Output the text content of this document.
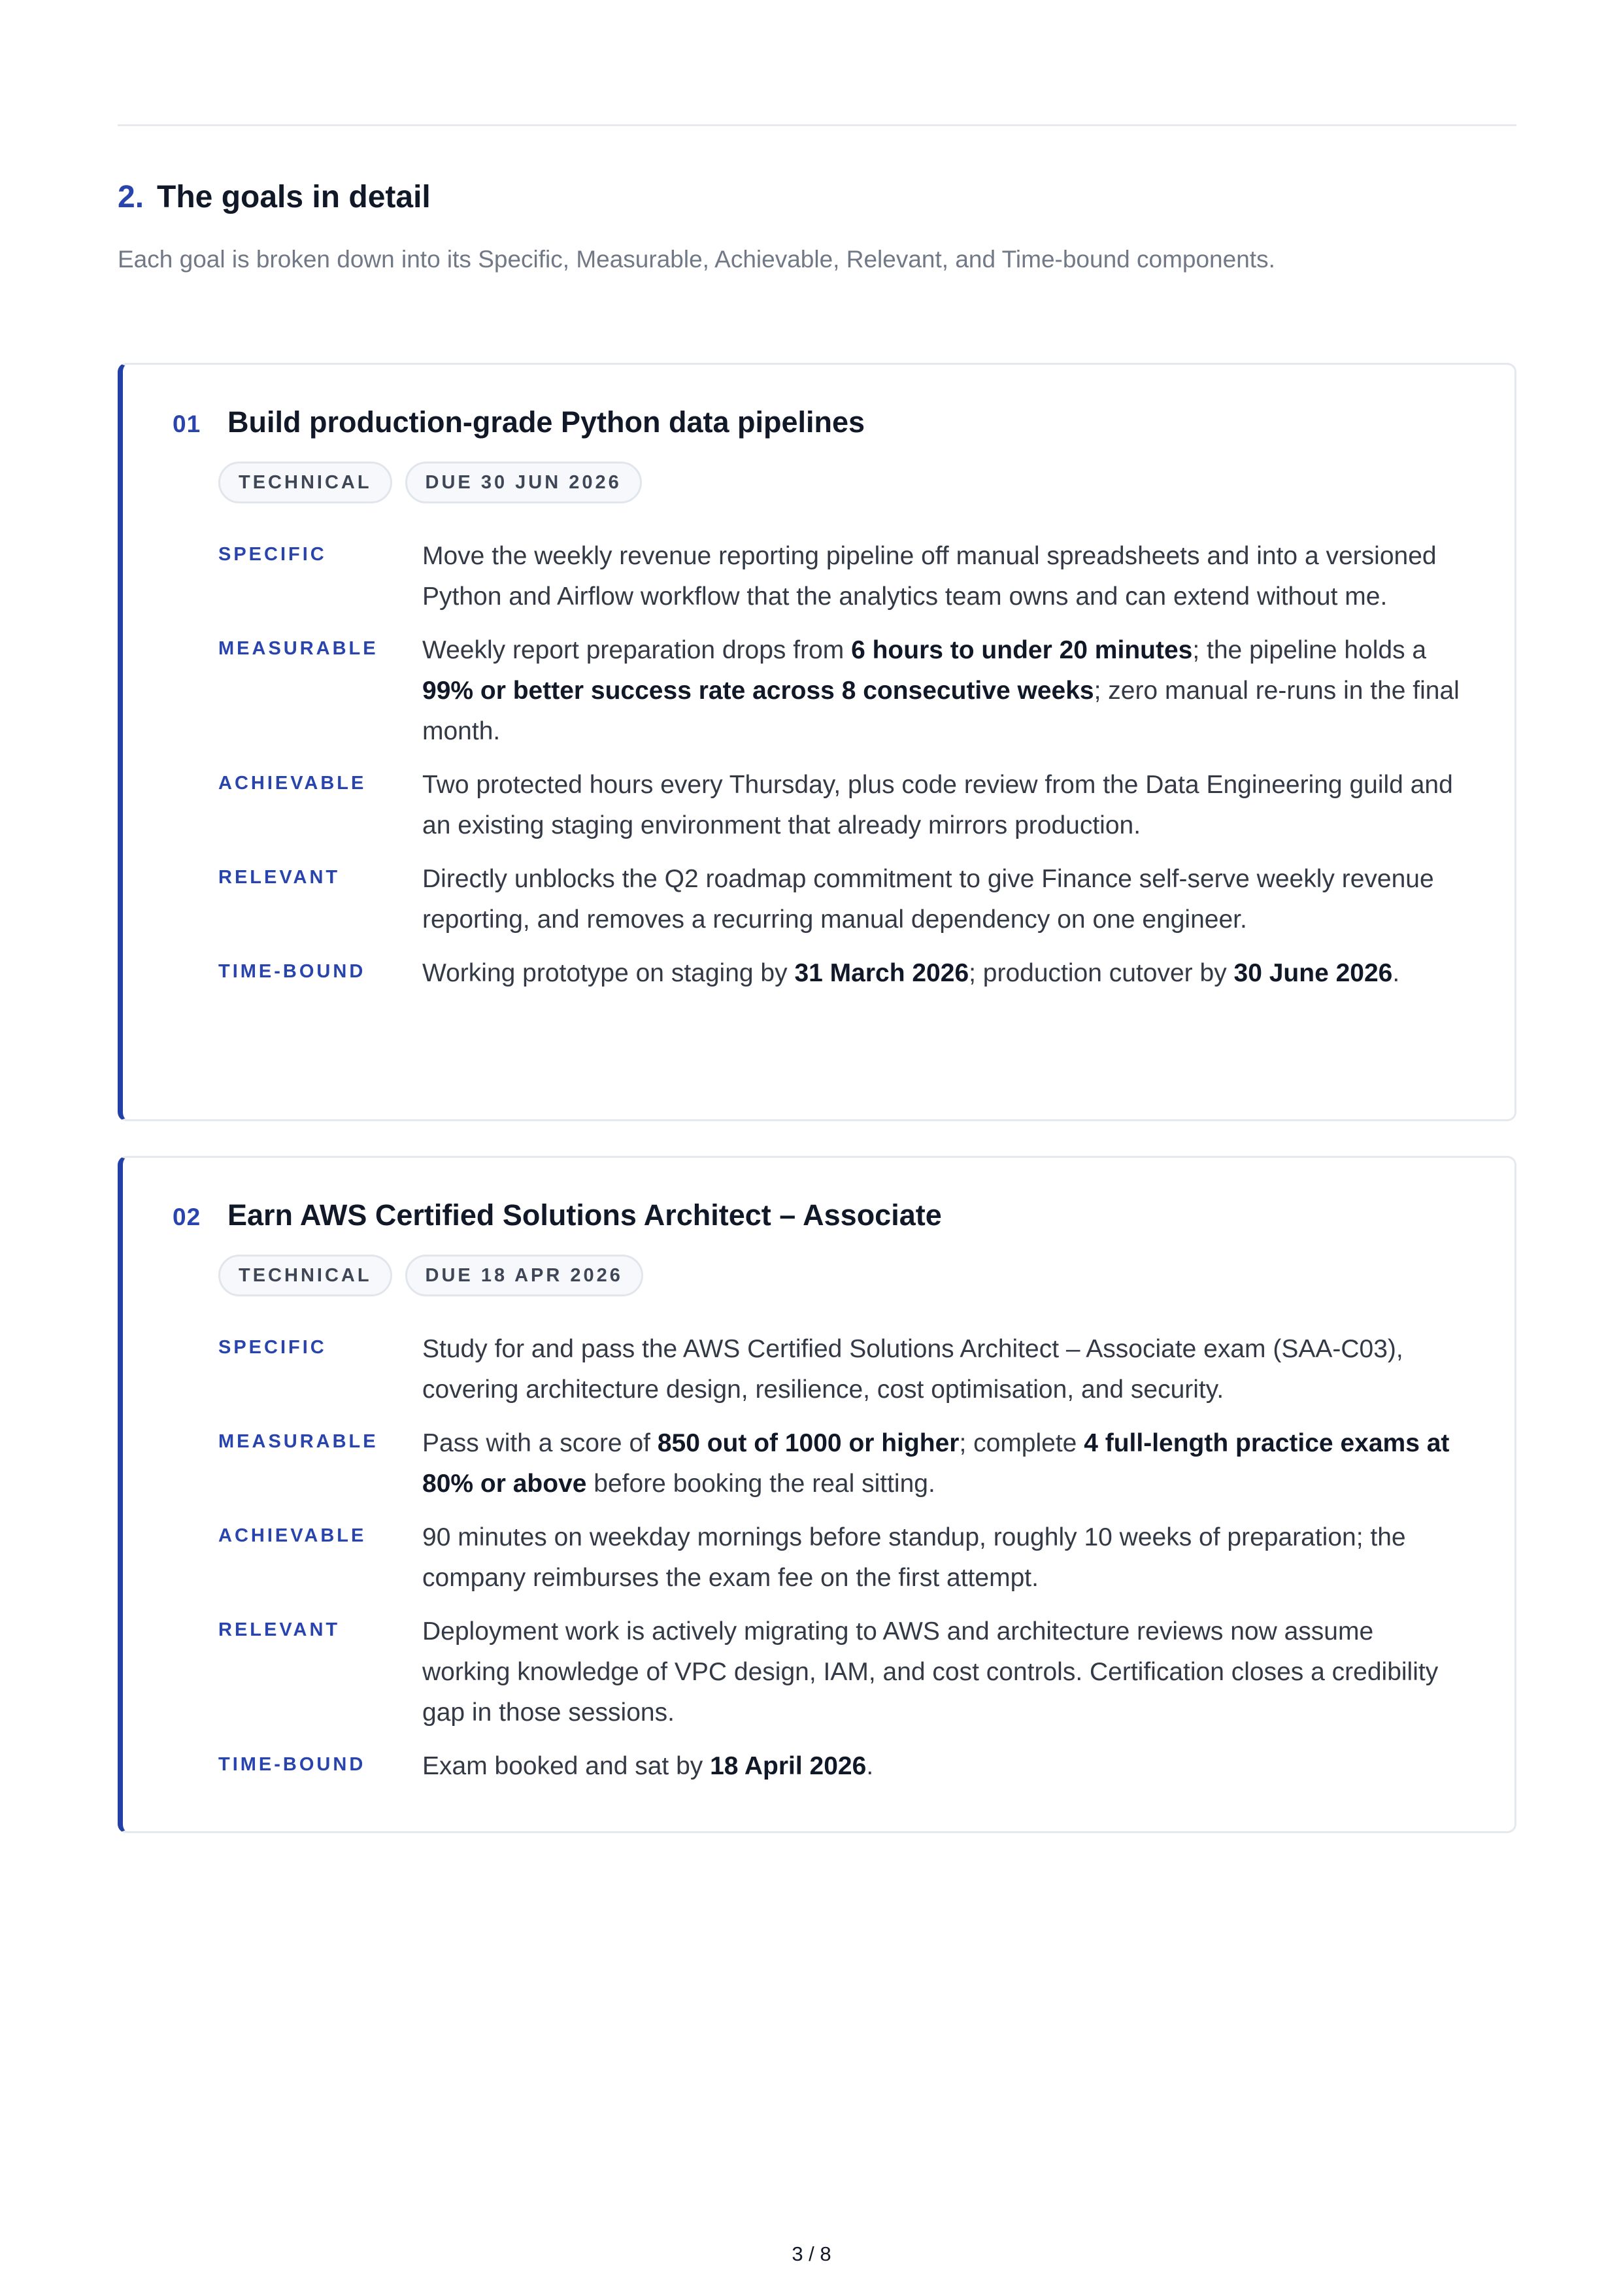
2. The goals in detail

Each goal is broken down into its Specific, Measurable, Achievable, Relevant, and Time-bound components.

01 Build production-grade Python data pipelines
TECHNICAL	DUE 30 JUN 2026
SPECIFIC	Move the weekly revenue reporting pipeline off manual spreadsheets and into a versioned Python and Airflow workflow that the analytics team owns and can extend without me.
MEASURABLE	Weekly report preparation drops from 6 hours to under 20 minutes; the pipeline holds a 99% or better success rate across 8 consecutive weeks; zero manual re-runs in the final month.
ACHIEVABLE	Two protected hours every Thursday, plus code review from the Data Engineering guild and an existing staging environment that already mirrors production.
RELEVANT	Directly unblocks the Q2 roadmap commitment to give Finance self-serve weekly revenue reporting, and removes a recurring manual dependency on one engineer.
TIME-BOUND	Working prototype on staging by 31 March 2026; production cutover by 30 June 2026.
02 Earn AWS Certified Solutions Architect – Associate
TECHNICAL	DUE 18 APR 2026
SPECIFIC	Study for and pass the AWS Certified Solutions Architect – Associate exam (SAA-C03), covering architecture design, resilience, cost optimisation, and security.
MEASURABLE	Pass with a score of 850 out of 1000 or higher; complete 4 full-length practice exams at 80% or above before booking the real sitting.
ACHIEVABLE	90 minutes on weekday mornings before standup, roughly 10 weeks of preparation; the company reimburses the exam fee on the first attempt.
RELEVANT	Deployment work is actively migrating to AWS and architecture reviews now assume working knowledge of VPC design, IAM, and cost controls. Certification closes a credibility gap in those sessions.
TIME-BOUND	Exam booked and sat by 18 April 2026.
3 / 8
